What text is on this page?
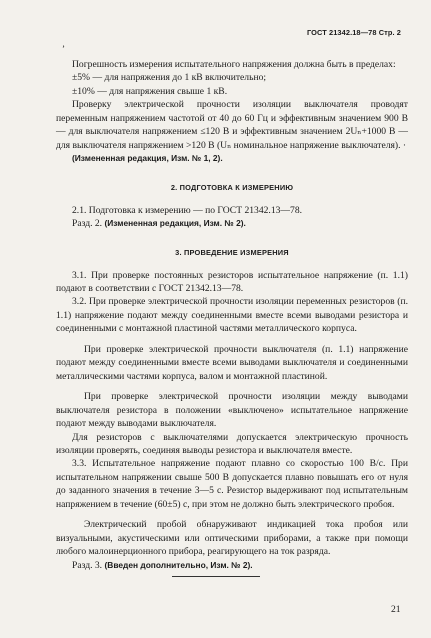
ГОСТ 21342.18—78 Стр. 2
ʼ

Погрешность измерения испытательного напряжения должна быть в пределах:

±5% — для напряжения до 1 кВ включительно;

±10% — для напряжения свыше 1 кВ.

Проверку электрической прочности изоляции выключателя проводят переменным напряжением частотой от 40 до 60 Гц и эффективным значением 900 В — для выключателя напряжением ≤120 В и эффективным значением 2Uₙ+1000 В — для выключателя напряжением >120 В (Uₙ номинальное напряжение выключателя). ·

(Измененная редакция, Изм. № 1, 2).

2. ПОДГОТОВКА К ИЗМЕРЕНИЮ

2.1. Подготовка к измерению — по ГОСТ 21342.13—78.

Разд. 2. (Измененная редакция, Изм. № 2).

3. ПРОВЕДЕНИЕ ИЗМЕРЕНИЯ

3.1. При проверке постоянных резисторов испытательное напряжение (п. 1.1) подают в соответствии с ГОСТ 21342.13—78.

3.2. При проверке электрической прочности изоляции переменных резисторов (п. 1.1) напряжение подают между соединенными вместе всеми выводами резистора и соединенными с монтажной пластиной частями металлического корпуса.

При проверке электрической прочности выключателя (п. 1.1) напряжение подают между соединенными вместе всеми выводами выключателя и соединенными металлическими частями корпуса, валом и монтажной пластиной.

При проверке электрической прочности изоляции между выводами выключателя резистора в положении «выключено» испытательное напряжение подают между выводами выключателя.

Для резисторов с выключателями допускается электрическую прочность изоляции проверять, соединяя выводы резистора и выключателя вместе.

3.3. Испытательное напряжение подают плавно со скоростью 100 В/с. При испытательном напряжении свыше 500 В допускается плавно повышать его от нуля до заданного значения в течение 3—5 с. Резистор выдерживают под испытательным напряжением в течение (60±5) с, при этом не должно быть электрического пробоя.

Электрический пробой обнаруживают индикацией тока пробоя или визуальными, акустическими или оптическими приборами, а также при помощи любого малоинерционного прибора, реагирующего на ток разряда.

Разд. 3. (Введен дополнительно, Изм. № 2).

21
